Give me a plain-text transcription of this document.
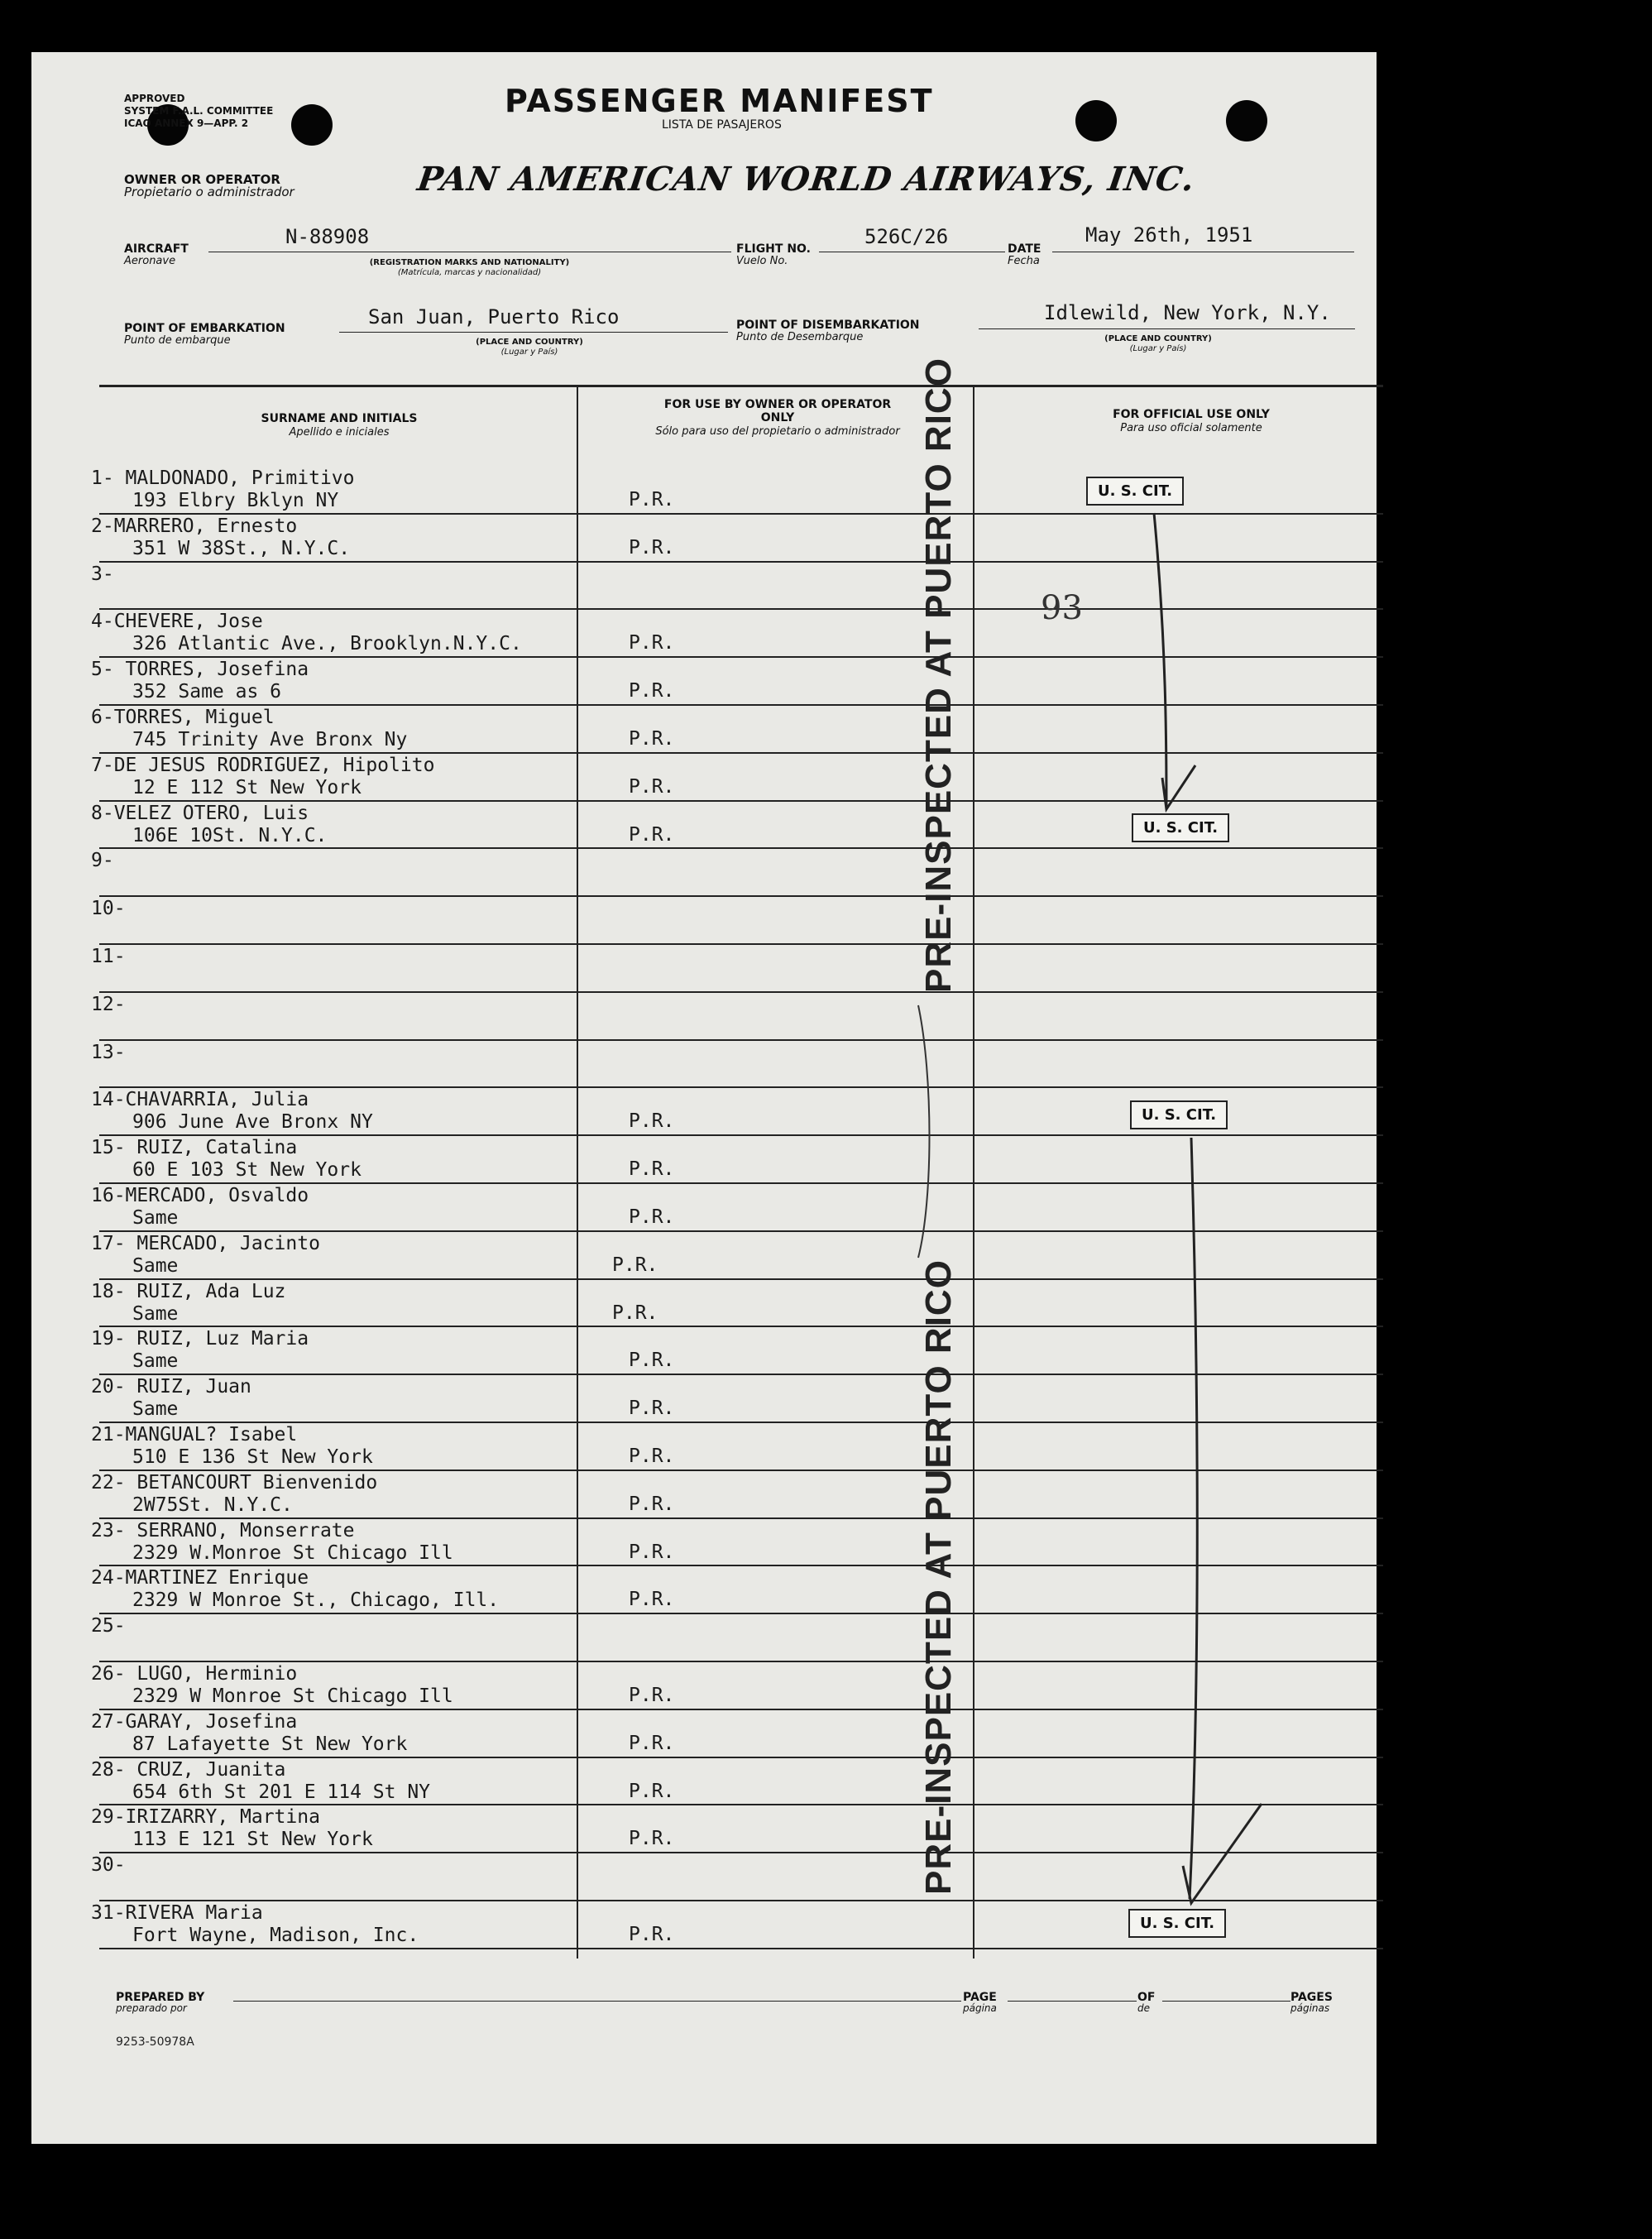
APPROVED
SYSTEM F.A.L. COMMITTEE
ICAO ANNEX 9—APP. 2
PASSENGER MANIFEST
LISTA DE PASAJEROS
OWNER OR OPERATOR
Propietario o administrador	PAN AMERICAN WORLD AIRWAYS, INC.
AIRCRAFT
Aeronave
N-88908
(REGISTRATION MARKS AND NATIONALITY)
(Matrícula, marcas y nacionalidad)
FLIGHT NO.
Vuelo No.
526C/26
DATE
Fecha
May 26th, 1951
POINT OF EMBARKATION
Punto de embarque
San Juan, Puerto Rico
(PLACE AND COUNTRY)
(Lugar y País)
POINT OF DISEMBARKATION
Punto de Desembarque
Idlewild, New York, N.Y.
(PLACE AND COUNTRY)
(Lugar y País)
SURNAME AND INITIALS
Apellido e iniciales
FOR USE BY OWNER OR OPERATOR ONLY
Sólo para uso del propietario o administrador
FOR OFFICIAL USE ONLY
Para uso oficial solamente
1- MALDONADO, Primitivo
193 Elbry Bklyn NY	P.R.
2-MARRERO, Ernesto
351 W 38St., N.Y.C.	P.R.
3-
4-CHEVERE, Jose
326 Atlantic Ave., Brooklyn.N.Y.C.	P.R.
5- TORRES, Josefina
352 Same as 6	P.R.
6-TORRES, Miguel
745 Trinity Ave Bronx Ny	P.R.
7-DE JESUS RODRIGUEZ, Hipolito
12 E 112 St New York	P.R.
8-VELEZ OTERO, Luis
106E 10St. N.Y.C.	P.R.
9-
10-
11-
12-
13-
14-CHAVARRIA, Julia
906 June Ave Bronx NY	P.R.
15- RUIZ, Catalina
60 E 103 St New York	P.R.
16-MERCADO, Osvaldo
Same	P.R.
17- MERCADO, Jacinto
Same	P.R.
18- RUIZ, Ada Luz
Same	P.R.
19- RUIZ, Luz Maria
Same	P.R.
20- RUIZ, Juan
Same	P.R.
21-MANGUAL? Isabel
510 E 136 St New York	P.R.
22- BETANCOURT Bienvenido
2W75St. N.Y.C.	P.R.
23- SERRANO, Monserrate
2329 W.Monroe St Chicago Ill	P.R.
24-MARTINEZ Enrique
2329 W Monroe St., Chicago, Ill.	P.R.
25-
26- LUGO, Herminio
2329 W Monroe St Chicago Ill	P.R.
27-GARAY, Josefina
87 Lafayette St New York	P.R.
28- CRUZ, Juanita
654 6th St 201 E 114 St NY	P.R.
29-IRIZARRY, Martina
113 E 121 St New York	P.R.
30-
31-RIVERA Maria
Fort Wayne, Madison, Inc.	P.R.
PRE-INSPECTED AT PUERTO RICO
PRE-INSPECTED AT PUERTO RICO
U. S. CIT.
U. S. CIT.
U. S. CIT.
U. S. CIT.
93
PREPARED BY
preparado por
PAGE
página
OF
de
PAGES
páginas
9253-50978A
